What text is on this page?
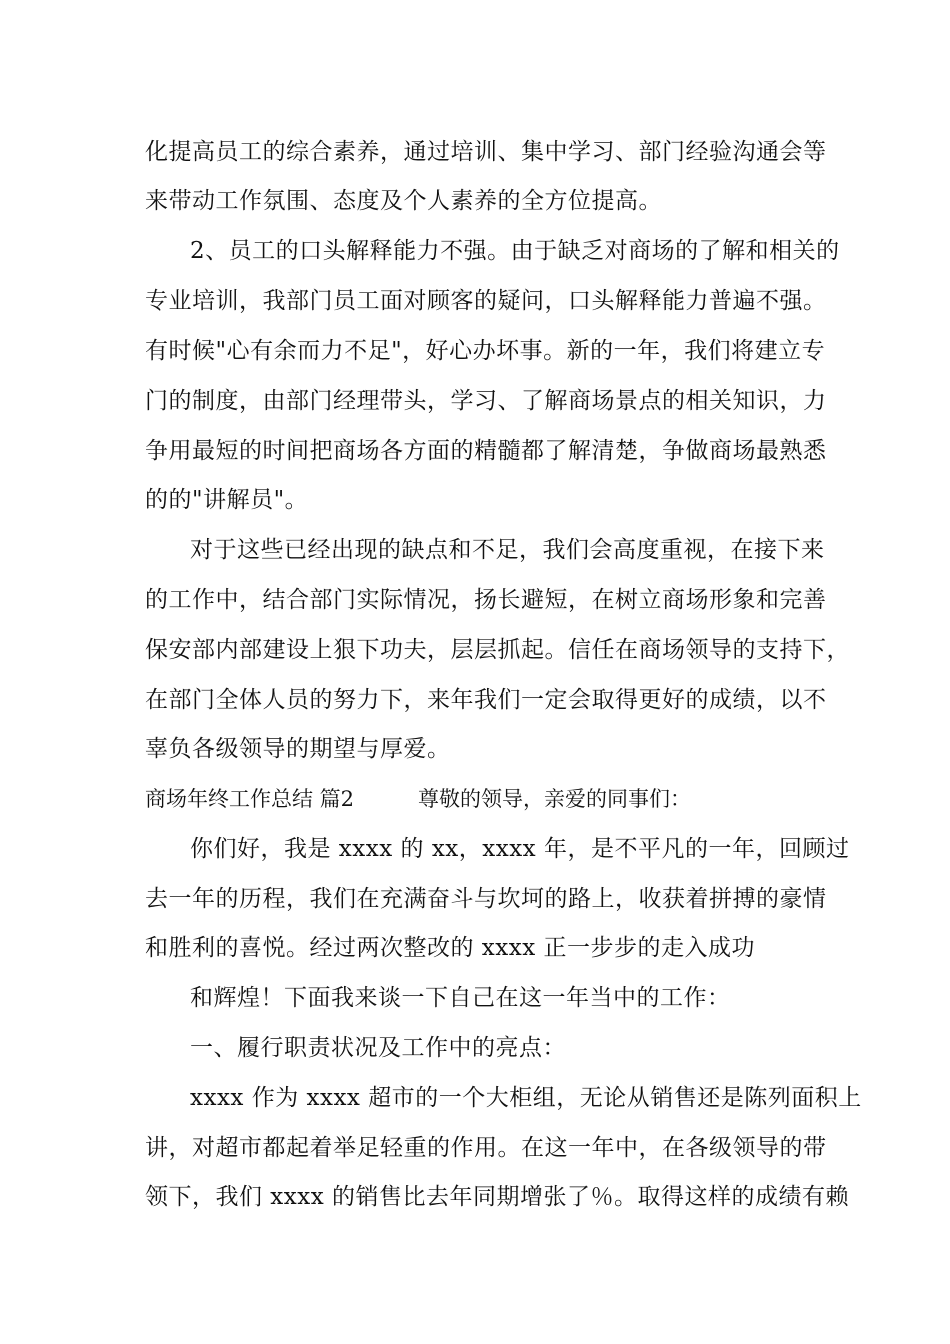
化提高员工的综合素养，通过培训、集中学习、部门经验沟通会等
来带动工作氛围、态度及个人素养的全方位提高。
2、员工的口头解释能力不强。由于缺乏对商场的了解和相关的
专业培训，我部门员工面对顾客的疑问，口头解释能力普遍不强。
有时候"心有余而力不足"，好心办坏事。新的一年，我们将建立专
门的制度，由部门经理带头，学习、了解商场景点的相关知识，力
争用最短的时间把商场各方面的精髓都了解清楚，争做商场最熟悉
的的"讲解员"。
对于这些已经出现的缺点和不足，我们会高度重视，在接下来
的工作中，结合部门实际情况，扬长避短，在树立商场形象和完善
保安部内部建设上狠下功夫，层层抓起。信任在商场领导的支持下，
在部门全体人员的努力下，来年我们一定会取得更好的成绩，以不
辜负各级领导的期望与厚爱。
商场年终工作总结 篇2	尊敬的领导，亲爱的同事们：
你们好，我是 xxxx 的 xx，xxxx 年，是不平凡的一年，回顾过
去一年的历程，我们在充满奋斗与坎坷的路上，收获着拼搏的豪情
和胜利的喜悦。经过两次整改的 xxxx 正一步步的走入成功
和辉煌！下面我来谈一下自己在这一年当中的工作：
一、履行职责状况及工作中的亮点：
xxxx 作为 xxxx 超市的一个大柜组，无论从销售还是陈列面积上
讲，对超市都起着举足轻重的作用。在这一年中，在各级领导的带
领下，我们 xxxx 的销售比去年同期增张了％。取得这样的成绩有赖
